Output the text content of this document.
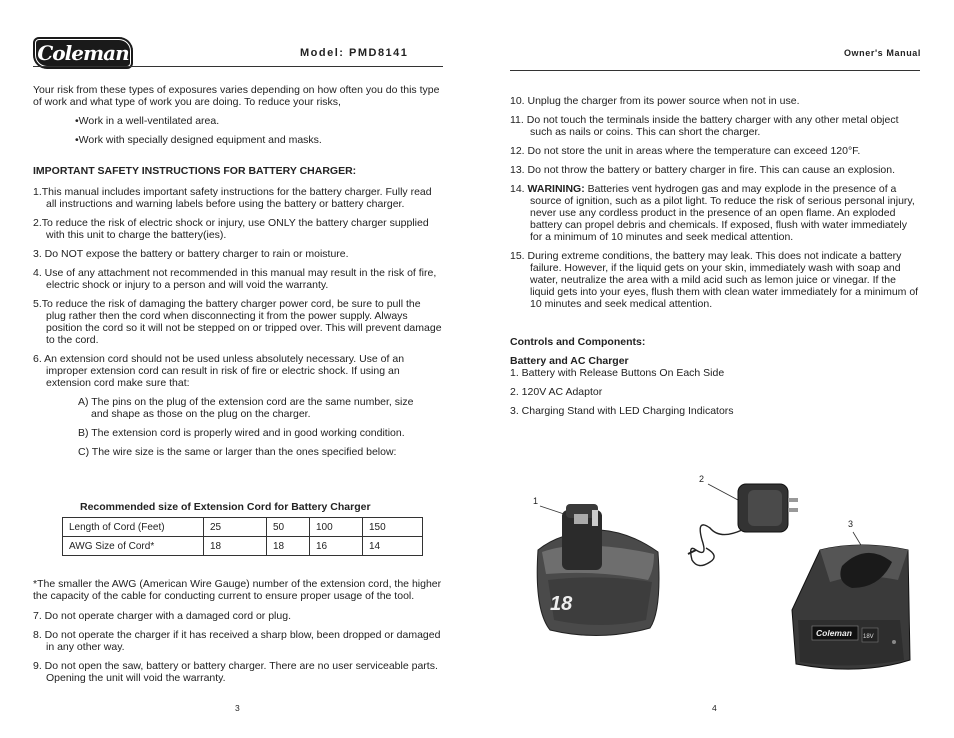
Coleman	Model: PMD8141	Owner's Manual

Your risk from these types of exposures varies depending on how often you do this type of work and what type of work you are doing. To reduce your risks,

•Work in a well-ventilated area.

•Work with specially designed equipment and masks.

IMPORTANT SAFETY INSTRUCTIONS FOR BATTERY CHARGER:

1.This manual includes important safety instructions for the battery charger. Fully read all instructions and warning labels before using the battery or battery charger.

2.To reduce the risk of electric shock or injury, use ONLY the battery charger supplied with this unit to charge the battery(ies).

3. Do NOT expose the battery or battery charger to rain or moisture.

4. Use of any attachment not recommended in this manual may result in the risk of fire, electric shock or injury to a person and will void the warranty.

5.To reduce the risk of damaging the battery charger power cord, be sure to pull the plug rather then the cord when disconnecting it from the power supply. Always position the cord so it will not be stepped on or tripped over. This will prevent damage to the cord.

6. An extension cord should not be used unless absolutely necessary. Use of an improper extension cord can result in risk of fire or electric shock. If using an extension cord make sure that:

A) The pins on the plug of the extension cord are the same number, size and shape as those on the plug on the charger.

B) The extension cord is properly wired and in good working condition.

C) The wire size is the same or larger than the ones specified below:

Recommended size of Extension Cord for Battery Charger
Length of Cord (Feet)	25	50	100	150
AWG Size of Cord*	18	18	16	14

*The smaller the AWG (American Wire Gauge) number of the extension cord, the higher the capacity of the cable for conducting current to ensure proper usage of the tool.

7. Do not operate charger with a damaged cord or plug.

8. Do not operate the charger if it has received a sharp blow, been dropped or damaged in any other way.

9. Do not open the saw, battery or battery charger. There are no user serviceable parts. Opening the unit will void the warranty.

3

10. Unplug the charger from its power source when not in use.

11. Do not touch the terminals inside the battery charger with any other metal object such as nails or coins. This can short the charger.

12. Do not store the unit in areas where the temperature can exceed 120°F.

13. Do not throw the battery or battery charger in fire. This can cause an explosion.

14. WARINING: Batteries vent hydrogen gas and may explode in the presence of a source of ignition, such as a pilot light. To reduce the risk of serious personal injury, never use any cordless product in the presence of an open flame. An exploded battery can propel debris and chemicals. If exposed, flush with water immediately for a minimum of 10 minutes and seek medical attention.

15. During extreme conditions, the battery may leak. This does not indicate a battery failure. However, if the liquid gets on your skin, immediately wash with soap and water, neutralize the area with a mild acid such as lemon juice or vinegar. If the liquid gets into your eyes, flush them with clean water immediately for a minimum of 10 minutes and seek medical attention.

Controls and Components:

Battery and AC Charger

1. Battery with Release Buttons On Each Side

2. 120V AC Adaptor

3. Charging Stand with LED Charging Indicators

1
2
3
18
Coleman 18V
4
